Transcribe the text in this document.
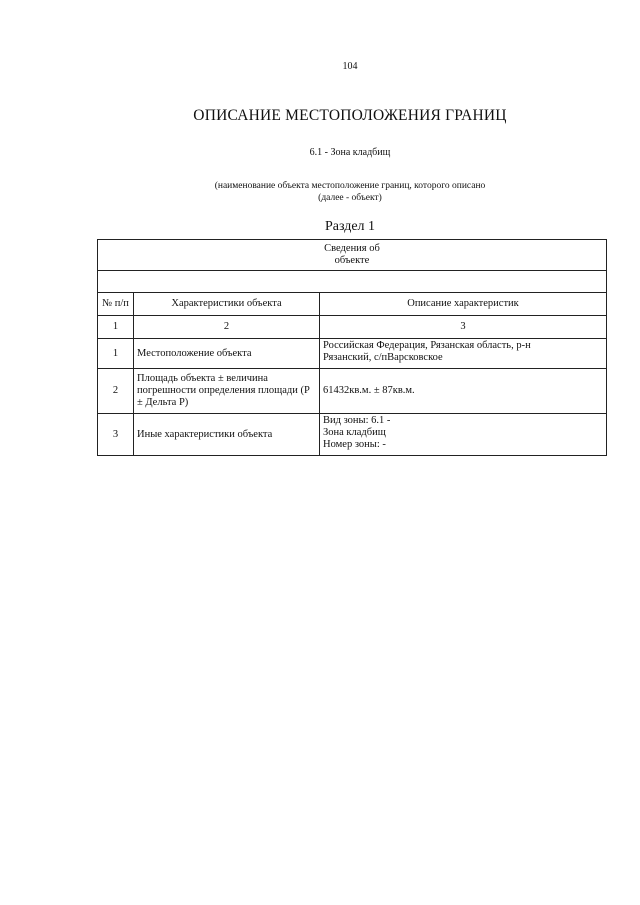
104
ОПИСАНИЕ МЕСТОПОЛОЖЕНИЯ ГРАНИЦ
6.1 - Зона кладбищ
(наименование объекта местоположение границ, которого описано
(далее - объект)
Раздел 1
Сведения об
объекте		

№ п/п	Характеристики объекта	Описание характеристик
1	2	3
1	Местоположение объекта	Российская Федерация, Рязанская область, р-н
Рязанский, с/пВарсковское

2	Площадь объекта ± величина погрешности определения площади (P ± Дельта P)	61432кв.м. ± 87кв.м.

3	Иные характеристики объекта	Вид зоны: 6.1 -
Зона кладбищ
Номер зоны: -
